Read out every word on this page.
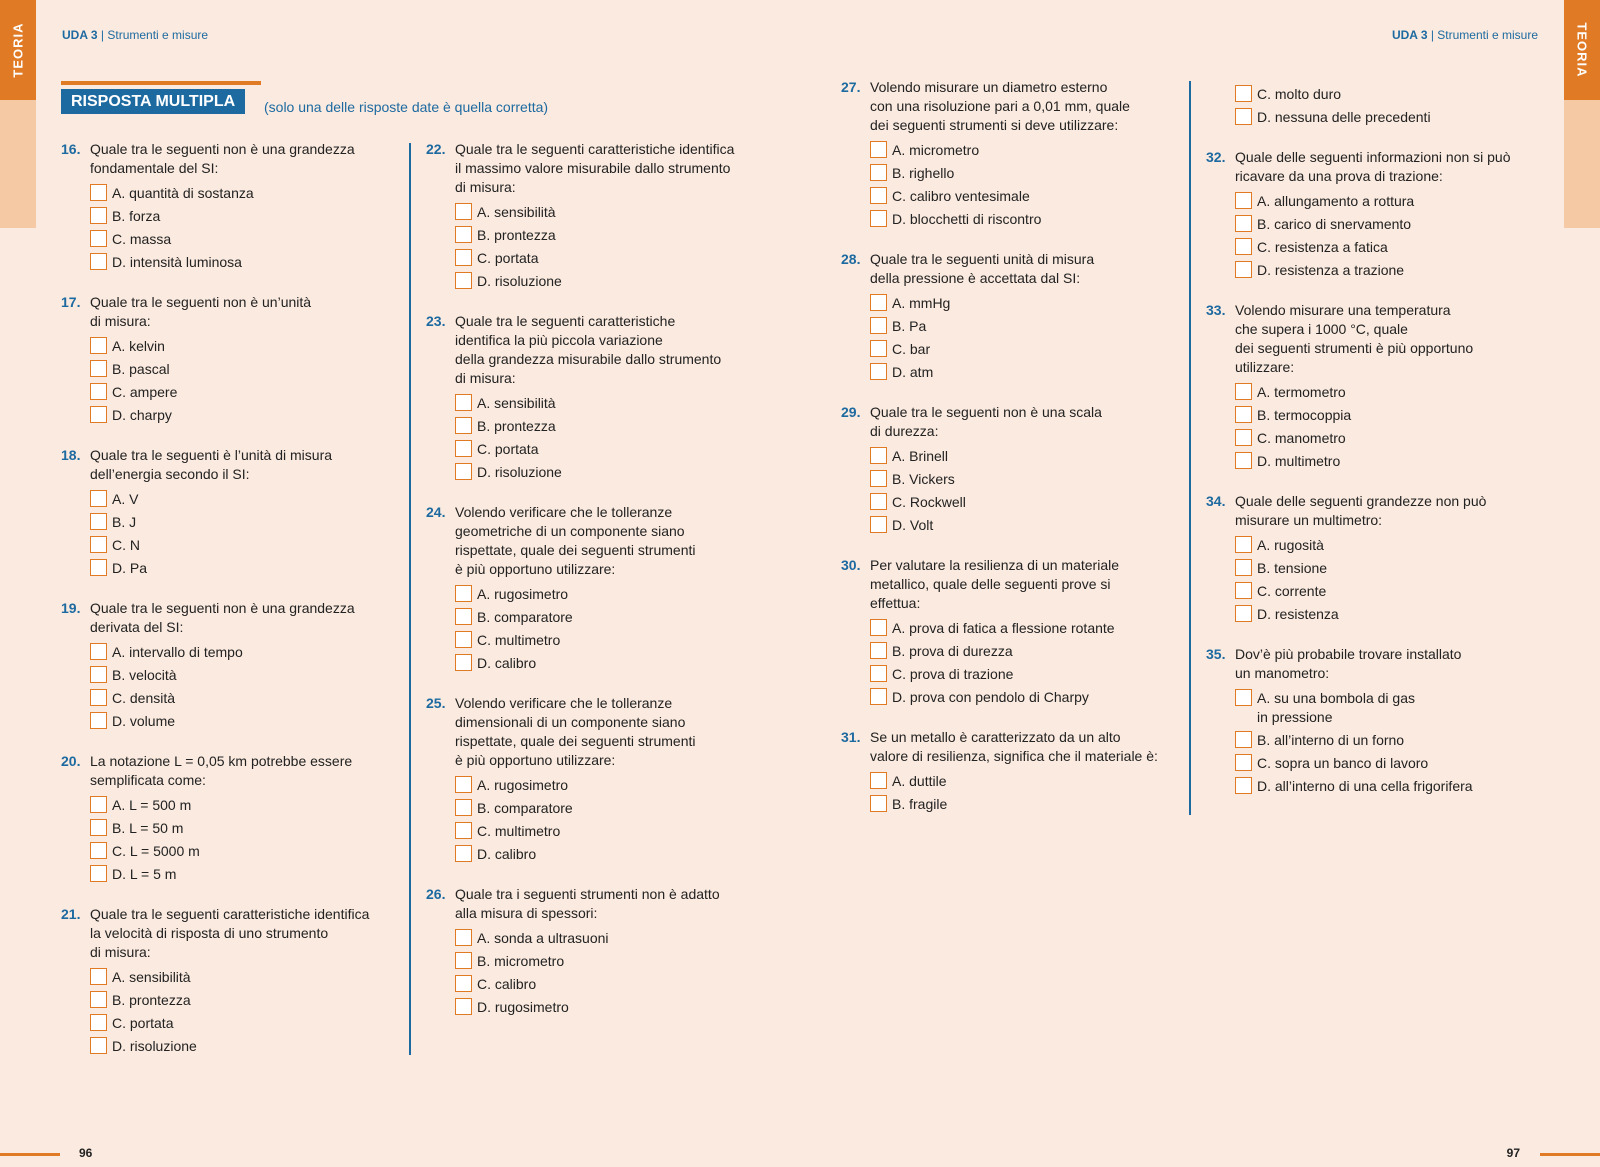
TEORIA	TEORIA
UDA 3 | Strumenti e misure	UDA 3 | Strumenti e misure
RISPOSTA MULTIPLA	(solo una delle risposte date è quella corretta)
16. Quale tra le seguenti non è una grandezza
fondamentale del SI:
A. quantità di sostanza
B. forza
C. massa
D. intensità luminosa
17. Quale tra le seguenti non è un’unità
di misura:
A. kelvin
B. pascal
C. ampere
D. charpy
18. Quale tra le seguenti è l’unità di misura
dell’energia secondo il SI:
A. V
B. J
C. N
D. Pa
19. Quale tra le seguenti non è una grandezza
derivata del SI:
A. intervallo di tempo
B. velocità
C. densità
D. volume
20. La notazione L = 0,05 km potrebbe essere
semplificata come:
A. L = 500 m
B. L = 50 m
C. L = 5000 m
D. L = 5 m
21. Quale tra le seguenti caratteristiche identifica
la velocità di risposta di uno strumento
di misura:
A. sensibilità
B. prontezza
C. portata
D. risoluzione
22. Quale tra le seguenti caratteristiche identifica
il massimo valore misurabile dallo strumento
di misura:
A. sensibilità
B. prontezza
C. portata
D. risoluzione
23. Quale tra le seguenti caratteristiche
identifica la più piccola variazione
della grandezza misurabile dallo strumento
di misura:
A. sensibilità
B. prontezza
C. portata
D. risoluzione
24. Volendo verificare che le tolleranze
geometriche di un componente siano
rispettate, quale dei seguenti strumenti
è più opportuno utilizzare:
A. rugosimetro
B. comparatore
C. multimetro
D. calibro
25. Volendo verificare che le tolleranze
dimensionali di un componente siano
rispettate, quale dei seguenti strumenti
è più opportuno utilizzare:
A. rugosimetro
B. comparatore
C. multimetro
D. calibro
26. Quale tra i seguenti strumenti non è adatto
alla misura di spessori:
A. sonda a ultrasuoni
B. micrometro
C. calibro
D. rugosimetro
27. Volendo misurare un diametro esterno
con una risoluzione pari a 0,01 mm, quale
dei seguenti strumenti si deve utilizzare:
A. micrometro
B. righello
C. calibro ventesimale
D. blocchetti di riscontro
28. Quale tra le seguenti unità di misura
della pressione è accettata dal SI:
A. mmHg
B. Pa
C. bar
D. atm
29. Quale tra le seguenti non è una scala
di durezza:
A. Brinell
B. Vickers
C. Rockwell
D. Volt
30. Per valutare la resilienza di un materiale
metallico, quale delle seguenti prove si
effettua:
A. prova di fatica a flessione rotante
B. prova di durezza
C. prova di trazione
D. prova con pendolo di Charpy
31. Se un metallo è caratterizzato da un alto
valore di resilienza, significa che il materiale è:
A. duttile
B. fragile
C. molto duro
D. nessuna delle precedenti
32. Quale delle seguenti informazioni non si può
ricavare da una prova di trazione:
A. allungamento a rottura
B. carico di snervamento
C. resistenza a fatica
D. resistenza a trazione
33. Volendo misurare una temperatura
che supera i 1000 °C, quale
dei seguenti strumenti è più opportuno
utilizzare:
A. termometro
B. termocoppia
C. manometro
D. multimetro
34. Quale delle seguenti grandezze non può
misurare un multimetro:
A. rugosità
B. tensione
C. corrente
D. resistenza
35. Dov’è più probabile trovare installato
un manometro:
A. su una bombola di gas
in pressione
B. all’interno di un forno
C. sopra un banco di lavoro
D. all’interno di una cella frigorifera
96	97
